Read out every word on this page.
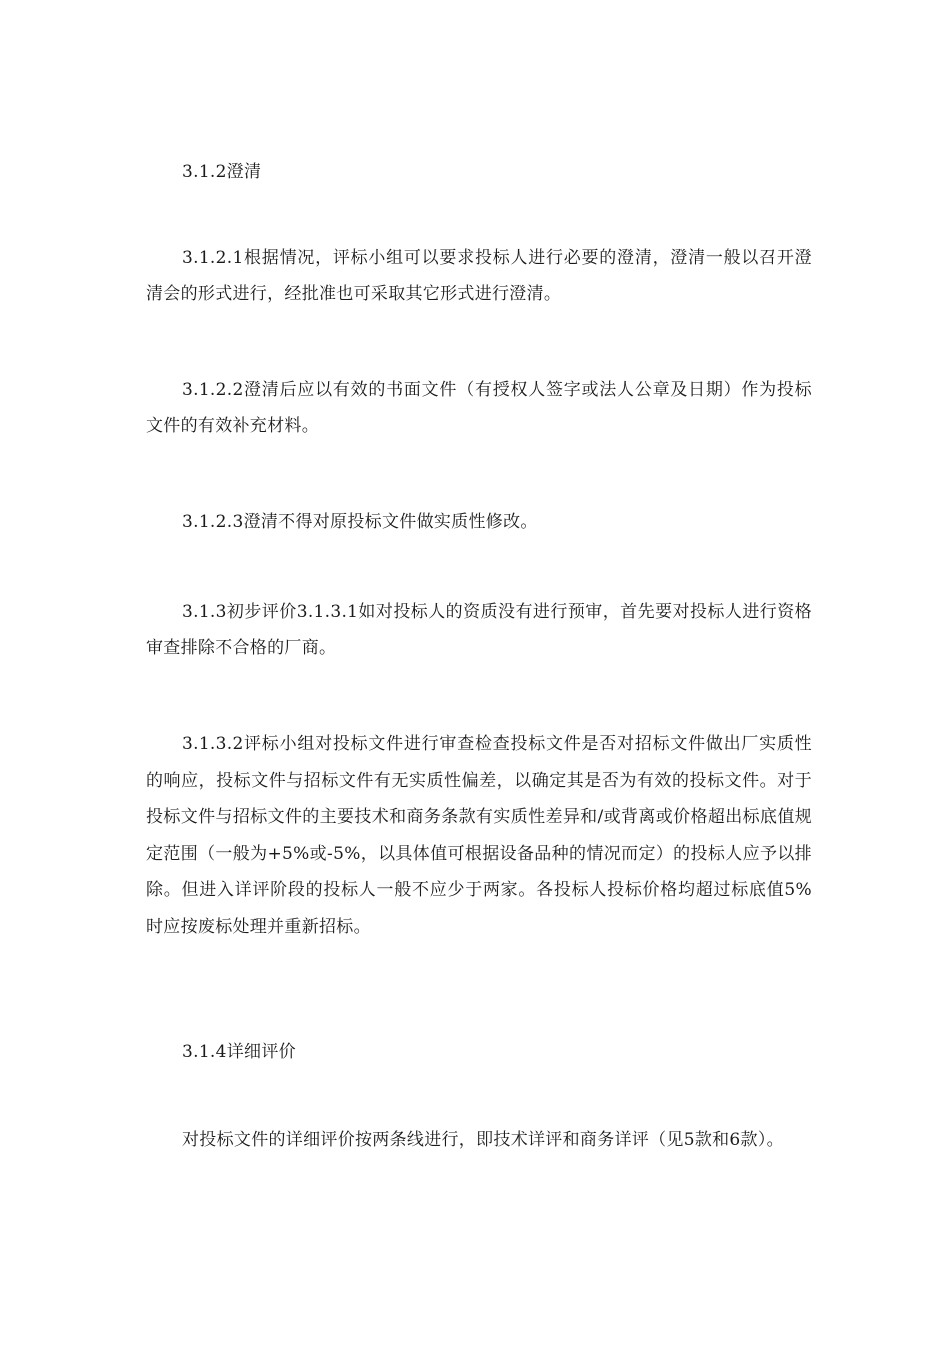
3.1.2澄清

3.1.2.1根据情况，评标小组可以要求投标人进行必要的澄清，澄清一般以召开澄清会的形式进行，经批准也可采取其它形式进行澄清。

3.1.2.2澄清后应以有效的书面文件（有授权人签字或法人公章及日期）作为投标文件的有效补充材料。

3.1.2.3澄清不得对原投标文件做实质性修改。

3.1.3初步评价3.1.3.1如对投标人的资质没有进行预审，首先要对投标人进行资格审查排除不合格的厂商。

3.1.3.2评标小组对投标文件进行审查检查投标文件是否对招标文件做出厂实质性的响应，投标文件与招标文件有无实质性偏差，以确定其是否为有效的投标文件。对于投标文件与招标文件的主要技术和商务条款有实质性差异和/或背离或价格超出标底值规定范围（一般为+5%或-5%，以具体值可根据设备品种的情况而定）的投标人应予以排除。但进入详评阶段的投标人一般不应少于两家。各投标人投标价格均超过标底值5%时应按废标处理并重新招标。

3.1.4详细评价

对投标文件的详细评价按两条线进行，即技术详评和商务详评（见5款和6款）。
